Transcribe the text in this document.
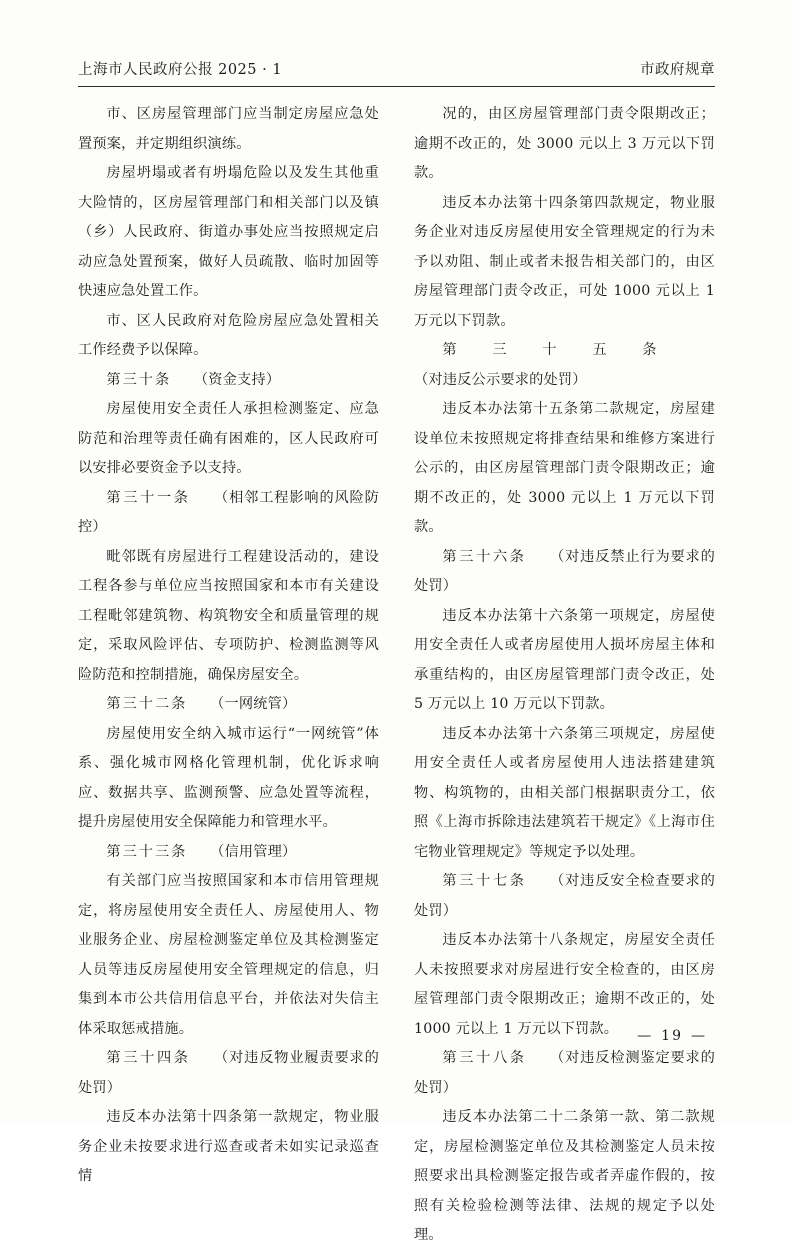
上海市人民政府公报 2025 · 1	市政府规章

市、区房屋管理部门应当制定房屋应急处置预案，并定期组织演练。

房屋坍塌或者有坍塌危险以及发生其他重大险情的，区房屋管理部门和相关部门以及镇（乡）人民政府、街道办事处应当按照规定启动应急处置预案，做好人员疏散、临时加固等快速应急处置工作。

市、区人民政府对危险房屋应急处置相关工作经费予以保障。

第三十条 （资金支持）

房屋使用安全责任人承担检测鉴定、应急防范和治理等责任确有困难的，区人民政府可以安排必要资金予以支持。

第三十一条 （相邻工程影响的风险防控）

毗邻既有房屋进行工程建设活动的，建设工程各参与单位应当按照国家和本市有关建设工程毗邻建筑物、构筑物安全和质量管理的规定，采取风险评估、专项防护、检测监测等风险防范和控制措施，确保房屋安全。

第三十二条 （一网统管）

房屋使用安全纳入城市运行“一网统管”体系、强化城市网格化管理机制，优化诉求响应、数据共享、监测预警、应急处置等流程，提升房屋使用安全保障能力和管理水平。

第三十三条 （信用管理）

有关部门应当按照国家和本市信用管理规定，将房屋使用安全责任人、房屋使用人、物业服务企业、房屋检测鉴定单位及其检测鉴定人员等违反房屋使用安全管理规定的信息，归集到本市公共信用信息平台，并依法对失信主体采取惩戒措施。

第三十四条 （对违反物业履责要求的处罚）

违反本办法第十四条第一款规定，物业服务企业未按要求进行巡查或者未如实记录巡查情

况的，由区房屋管理部门责令限期改正；逾期不改正的，处 3000 元以上 3 万元以下罚款。

违反本办法第十四条第四款规定，物业服务企业对违反房屋使用安全管理规定的行为未予以劝阻、制止或者未报告相关部门的，由区房屋管理部门责令改正，可处 1000 元以上 1 万元以下罚款。

第三十五条（对违反公示要求的处罚）

违反本办法第十五条第二款规定，房屋建设单位未按照规定将排查结果和维修方案进行公示的，由区房屋管理部门责令限期改正；逾期不改正的，处 3000 元以上 1 万元以下罚款。

第三十六条 （对违反禁止行为要求的处罚）

违反本办法第十六条第一项规定，房屋使用安全责任人或者房屋使用人损坏房屋主体和承重结构的，由区房屋管理部门责令改正，处 5 万元以上 10 万元以下罚款。

违反本办法第十六条第三项规定，房屋使用安全责任人或者房屋使用人违法搭建建筑物、构筑物的，由相关部门根据职责分工，依照《上海市拆除违法建筑若干规定》《上海市住宅物业管理规定》等规定予以处理。

第三十七条 （对违反安全检查要求的处罚）

违反本办法第十八条规定，房屋安全责任人未按照要求对房屋进行安全检查的，由区房屋管理部门责令限期改正；逾期不改正的，处 1000 元以上 1 万元以下罚款。

第三十八条 （对违反检测鉴定要求的处罚）

违反本办法第二十二条第一款、第二款规定，房屋检测鉴定单位及其检测鉴定人员未按照要求出具检测鉴定报告或者弄虚作假的，按照有关检验检测等法律、法规的规定予以处理。

— 19 —
